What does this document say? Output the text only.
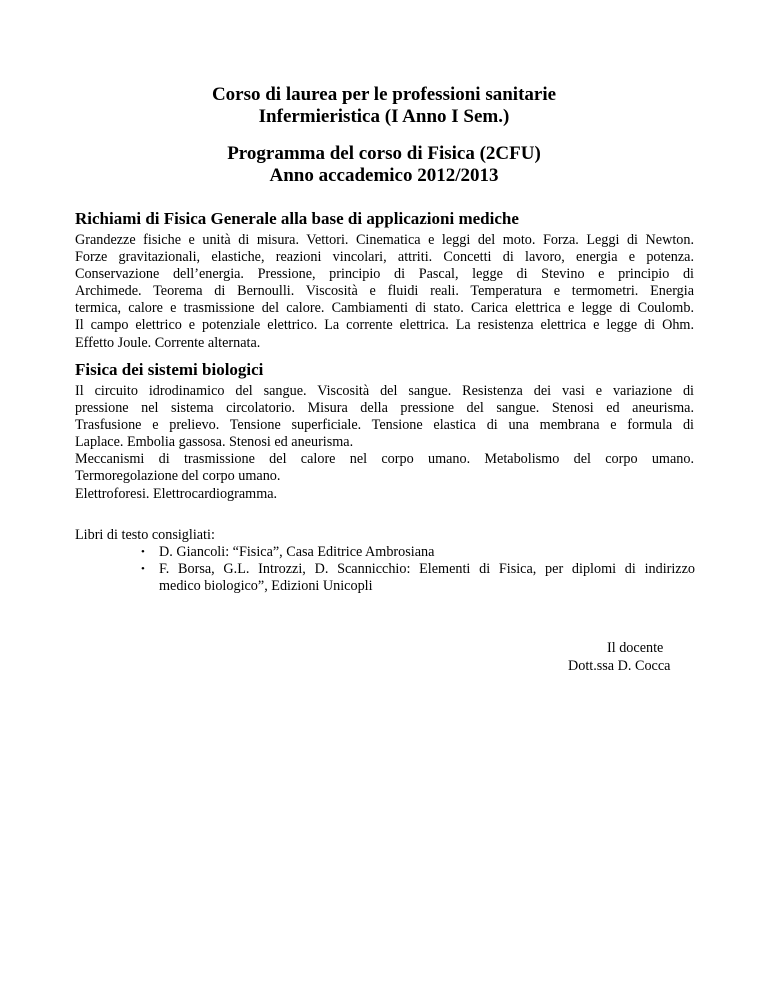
Corso di laurea per le professioni sanitarie
Infermieristica (I Anno I Sem.)
Programma del corso di Fisica (2CFU)
Anno accademico 2012/2013
Richiami di Fisica Generale alla base di applicazioni mediche
Grandezze fisiche e unità di misura. Vettori. Cinematica e leggi del moto. Forza. Leggi di Newton.
Forze gravitazionali, elastiche, reazioni vincolari, attriti. Concetti di lavoro, energia e potenza.
Conservazione dell’energia. Pressione, principio di Pascal, legge di Stevino e principio di
Archimede. Teorema di Bernoulli. Viscosità e fluidi reali. Temperatura e termometri. Energia
termica, calore e trasmissione del calore. Cambiamenti di stato. Carica elettrica e legge di Coulomb.
Il campo elettrico e potenziale elettrico. La corrente elettrica. La resistenza elettrica e legge di Ohm.
Effetto Joule. Corrente alternata.
Fisica dei sistemi biologici
Il circuito idrodinamico del sangue. Viscosità del sangue. Resistenza dei vasi e variazione di
pressione nel sistema circolatorio. Misura della pressione del sangue. Stenosi ed aneurisma.
Trasfusione e prelievo. Tensione superficiale. Tensione elastica di una membrana e formula di
Laplace. Embolia gassosa. Stenosi ed aneurisma.
Meccanismi di trasmissione del calore nel corpo umano. Metabolismo del corpo umano.
Termoregolazione del corpo umano.
Elettroforesi. Elettrocardiogramma.
Libri di testo consigliati:
• D. Giancoli: “Fisica”, Casa Editrice Ambrosiana
• F. Borsa, G.L. Introzzi, D. Scannicchio: Elementi di Fisica, per diplomi di indirizzo
medico biologico”, Edizioni Unicopli
Il docente
Dott.ssa D. Cocca
